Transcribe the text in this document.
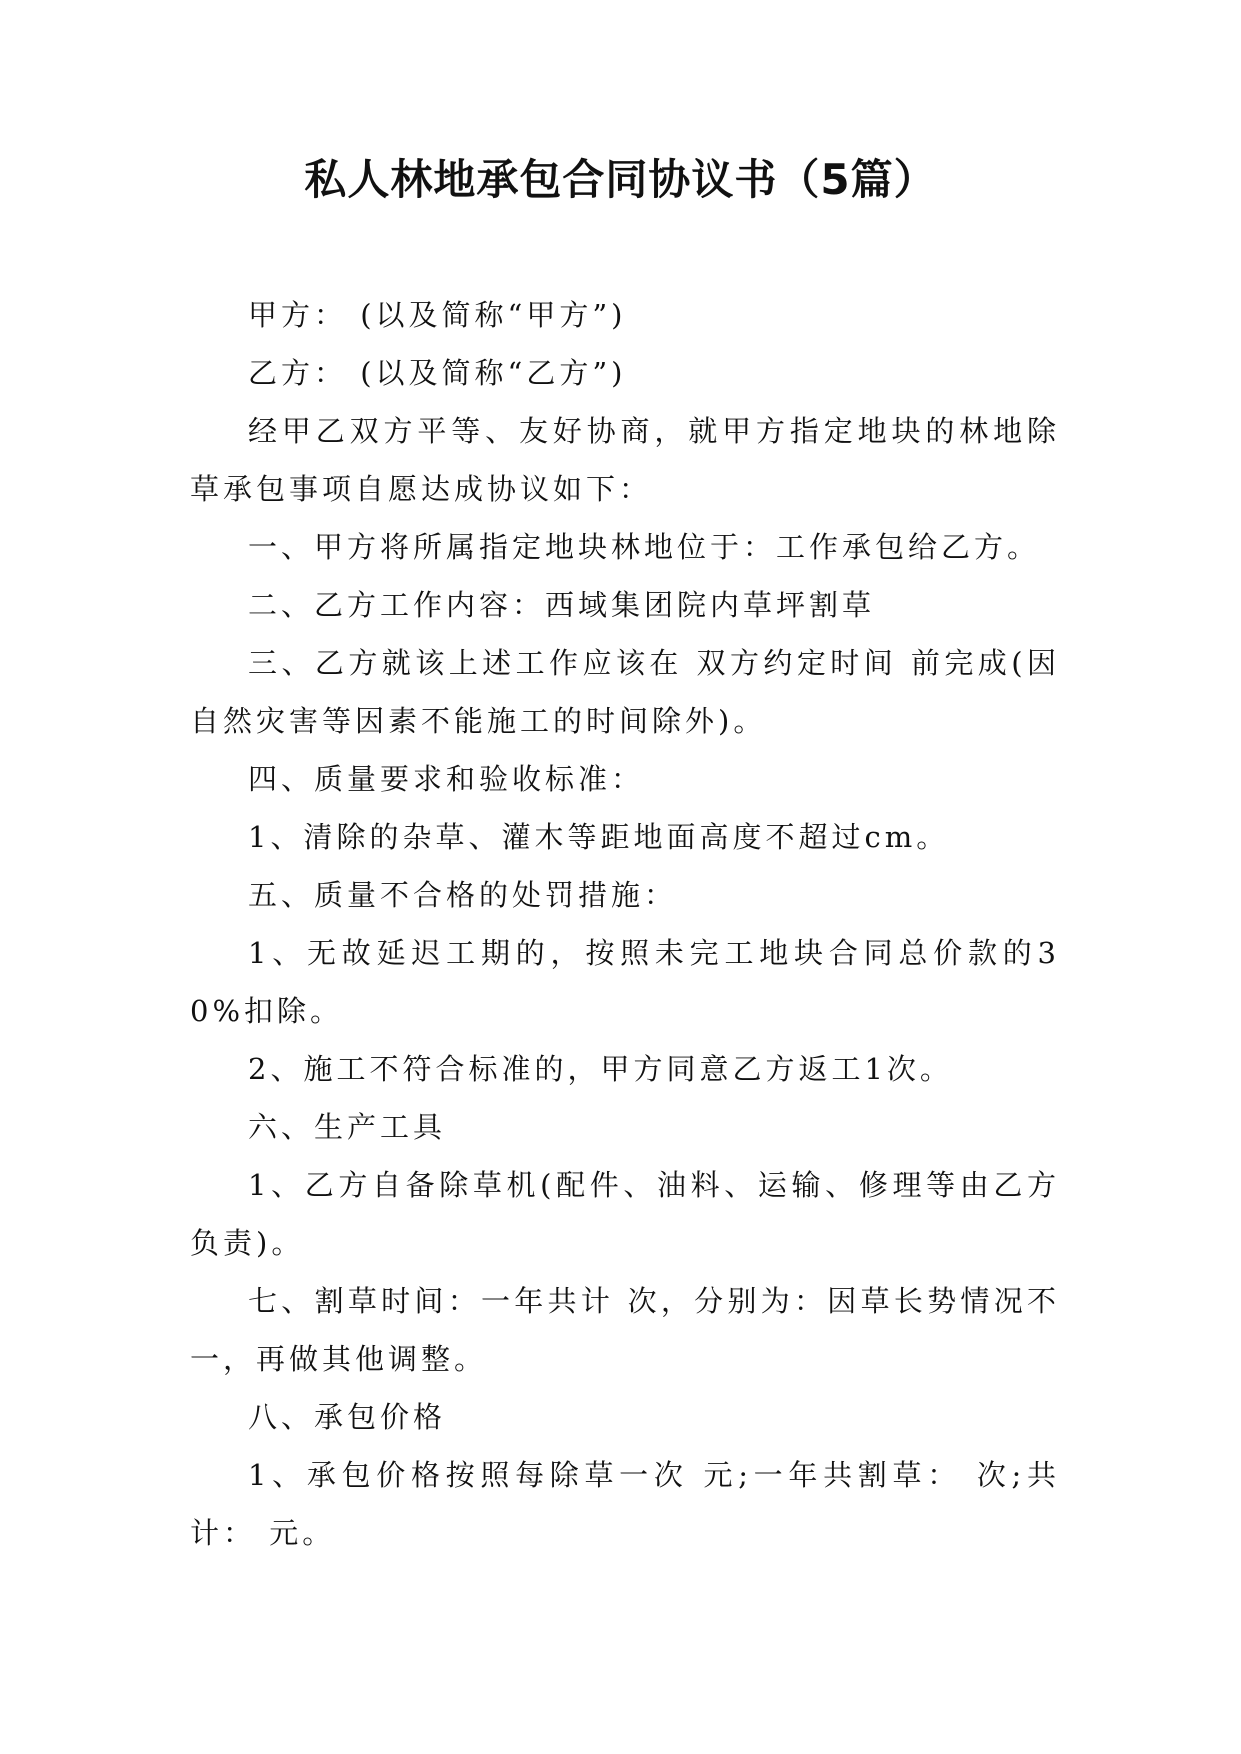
私人林地承包合同协议书（5篇）

甲方： (以及简称“甲方”)

乙方： (以及简称“乙方”)

经甲乙双方平等、友好协商，就甲方指定地块的林地除草承包事项自愿达成协议如下：

一、甲方将所属指定地块林地位于：工作承包给乙方。

二、乙方工作内容：西域集团院内草坪割草

三、乙方就该上述工作应该在 双方约定时间 前完成(因自然灾害等因素不能施工的时间除外)。

四、质量要求和验收标准：

1、清除的杂草、灌木等距地面高度不超过cm。

五、质量不合格的处罚措施：

1、无故延迟工期的，按照未完工地块合同总价款的30%扣除。

2、施工不符合标准的，甲方同意乙方返工1次。

六、生产工具

1、乙方自备除草机(配件、油料、运输、修理等由乙方负责)。

七、割草时间：一年共计 次，分别为：因草长势情况不一，再做其他调整。

八、承包价格

1、承包价格按照每除草一次 元;一年共割草： 次;共计： 元。
